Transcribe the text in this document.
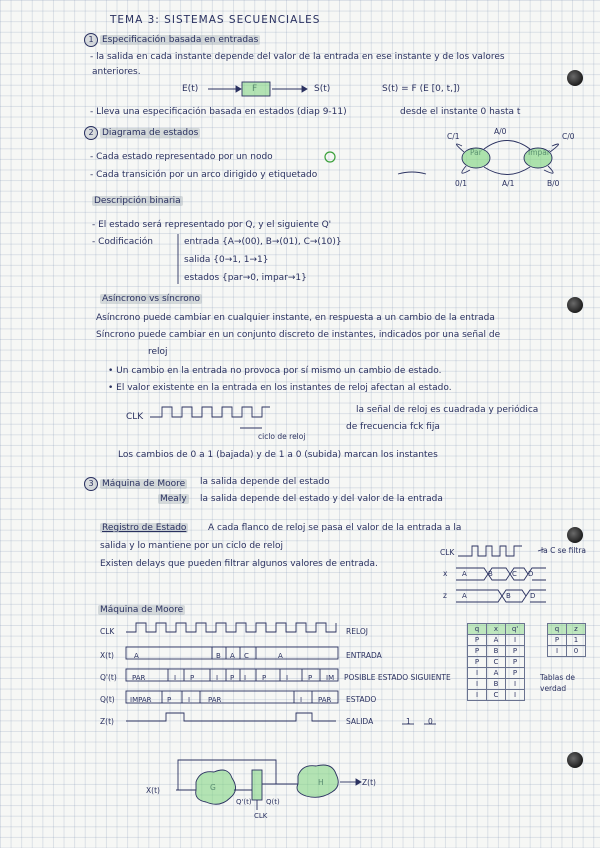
TEMA 3: SISTEMAS SECUENCIALES
1 Especificación basada en entradas
- la salida en cada instante depende del valor de la entrada en ese instante y de los valores
anteriores.
E(t)	S(t)	S(t) = F (E [0, t,])
- Lleva una especificación basada en estados (diap 9-11)	desde el instante 0 hasta t
2 Diagrama de estados
- Cada estado representado por un nodo
- Cada transición por un arco dirigido y etiquetado
C/1
A/0
C/0
0/1	A/1	B/0
Descripción binaria
- El estado será representado por Q, y el siguiente Q'
- Codificación	entrada {A→(00), B→(01), C→(10)}
salida {0→1, 1→1}
estados {par→0, impar→1}
Asíncrono vs síncrono
Asíncrono puede cambiar en cualquier instante, en respuesta a un cambio de la entrada
Síncrono puede cambiar en un conjunto discreto de instantes, indicados por una señal de
reloj
• Un cambio en la entrada no provoca por sí mismo un cambio de estado.
• El valor existente en la entrada en los instantes de reloj afectan al estado.
CLK
la señal de reloj es cuadrada y periódica
de frecuencia fck fija
ciclo de reloj
Los cambios de 0 a 1 (bajada) y de 1 a 0 (subida) marcan los instantes
3 Máquina de Moore la salida depende del estado
Mealy la salida depende del estado y del valor de la entrada
Registro de Estado A cada flanco de reloj se pasa el valor de la entrada a la
salida y lo mantiene por un ciclo de reloj
Existen delays que pueden filtrar algunos valores de entrada.
CLK
x
z
la C se filtra
A	B	C D
A	B	D
Máquina de Moore
CLK
X(t)
Q'(t)
Q(t)
Z(t)
RELOJ
ENTRADA
POSIBLE ESTADO SIGUIENTE
ESTADO
SALIDA	1 0
A	B A C	A
PAR	I P	I P I P	I	P IM
IMPAR P I	PAR	I PAR
q	x	q'
P	A	I
P	B	P
P	C	P
I	A	P
I	B	I
I	C	I
q	z
P	1
I	0
Tablas de verdad
X(t)
Q'(t) Q(t)
CLK
Z(t)
